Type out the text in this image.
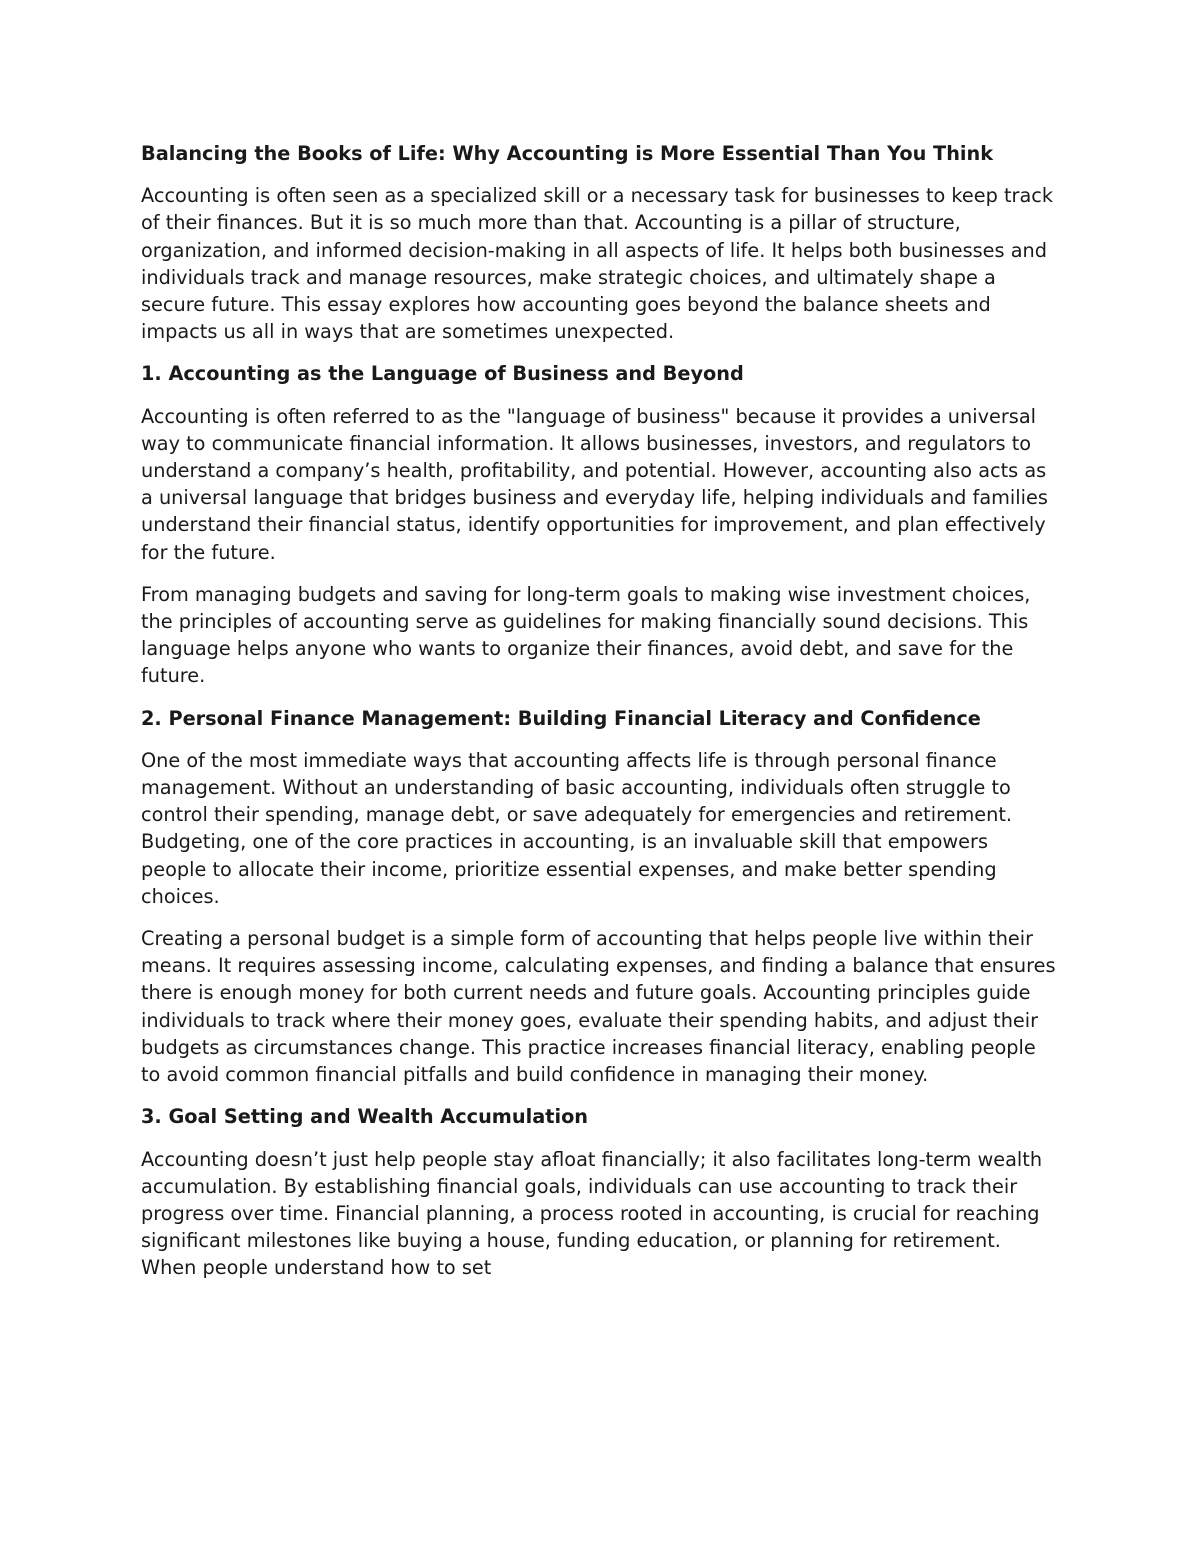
Balancing the Books of Life: Why Accounting is More Essential Than You Think

Accounting is often seen as a specialized skill or a necessary task for businesses to keep track of their finances. But it is so much more than that. Accounting is a pillar of structure, organization, and informed decision-making in all aspects of life. It helps both businesses and individuals track and manage resources, make strategic choices, and ultimately shape a secure future. This essay explores how accounting goes beyond the balance sheets and impacts us all in ways that are sometimes unexpected.

1. Accounting as the Language of Business and Beyond

Accounting is often referred to as the "language of business" because it provides a universal way to communicate financial information. It allows businesses, investors, and regulators to understand a company’s health, profitability, and potential. However, accounting also acts as a universal language that bridges business and everyday life, helping individuals and families understand their financial status, identify opportunities for improvement, and plan effectively for the future.

From managing budgets and saving for long-term goals to making wise investment choices, the principles of accounting serve as guidelines for making financially sound decisions. This language helps anyone who wants to organize their finances, avoid debt, and save for the future.

2. Personal Finance Management: Building Financial Literacy and Confidence

One of the most immediate ways that accounting affects life is through personal finance management. Without an understanding of basic accounting, individuals often struggle to control their spending, manage debt, or save adequately for emergencies and retirement. Budgeting, one of the core practices in accounting, is an invaluable skill that empowers people to allocate their income, prioritize essential expenses, and make better spending choices.

Creating a personal budget is a simple form of accounting that helps people live within their means. It requires assessing income, calculating expenses, and finding a balance that ensures there is enough money for both current needs and future goals. Accounting principles guide individuals to track where their money goes, evaluate their spending habits, and adjust their budgets as circumstances change. This practice increases financial literacy, enabling people to avoid common financial pitfalls and build confidence in managing their money.

3. Goal Setting and Wealth Accumulation

Accounting doesn’t just help people stay afloat financially; it also facilitates long-term wealth accumulation. By establishing financial goals, individuals can use accounting to track their progress over time. Financial planning, a process rooted in accounting, is crucial for reaching significant milestones like buying a house, funding education, or planning for retirement. When people understand how to set
